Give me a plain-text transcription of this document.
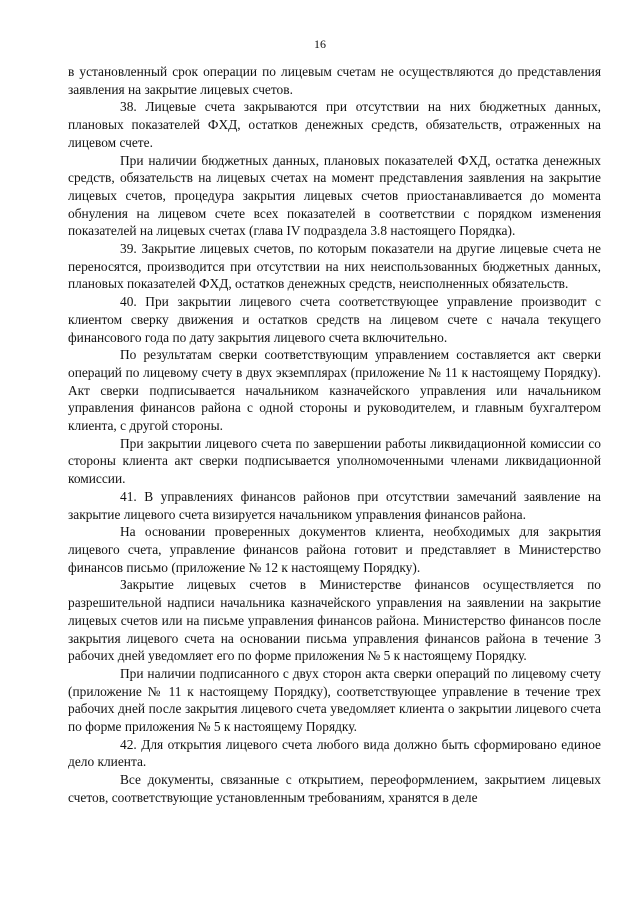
16

в установленный срок операции по лицевым счетам не осуществляются до представления заявления на закрытие лицевых счетов.

38. Лицевые счета закрываются при отсутствии на них бюджетных данных, плановых показателей ФХД, остатков денежных средств, обязательств, отраженных на лицевом счете.

При наличии бюджетных данных, плановых показателей ФХД, остатка денежных средств, обязательств на лицевых счетах на момент представления заявления на закрытие лицевых счетов, процедура закрытия лицевых счетов приостанавливается до момента обнуления на лицевом счете всех показателей в соответствии с порядком изменения показателей на лицевых счетах (глава IV подраздела 3.8 настоящего Порядка).

39. Закрытие лицевых счетов, по которым показатели на другие лицевые счета не переносятся, производится при отсутствии на них неиспользованных бюджетных данных, плановых показателей ФХД, остатков денежных средств, неисполненных обязательств.

40. При закрытии лицевого счета соответствующее управление производит с клиентом сверку движения и остатков средств на лицевом счете с начала текущего финансового года по дату закрытия лицевого счета включительно.

По результатам сверки соответствующим управлением составляется акт сверки операций по лицевому счету в двух экземплярах (приложение № 11 к настоящему Порядку). Акт сверки подписывается начальником казначейского управления или начальником управления финансов района с одной стороны и руководителем, и главным бухгалтером клиента, с другой стороны.

При закрытии лицевого счета по завершении работы ликвидационной комиссии со стороны клиента акт сверки подписывается уполномоченными членами ликвидационной комиссии.

41. В управлениях финансов районов при отсутствии замечаний заявление на закрытие лицевого счета визируется начальником управления финансов района.

На основании проверенных документов клиента, необходимых для закрытия лицевого счета, управление финансов района готовит и представляет в Министерство финансов письмо (приложение № 12 к настоящему Порядку).

Закрытие лицевых счетов в Министерстве финансов осуществляется по разрешительной надписи начальника казначейского управления на заявлении на закрытие лицевых счетов или на письме управления финансов района. Министерство финансов после закрытия лицевого счета на основании письма управления финансов района в течение 3 рабочих дней уведомляет его по форме приложения № 5 к настоящему Порядку.

При наличии подписанного с двух сторон акта сверки операций по лицевому счету (приложение № 11 к настоящему Порядку), соответствующее управление в течение трех рабочих дней после закрытия лицевого счета уведомляет клиента о закрытии лицевого счета по форме приложения № 5 к настоящему Порядку.

42. Для открытия лицевого счета любого вида должно быть сформировано единое дело клиента.

Все документы, связанные с открытием, переоформлением, закрытием лицевых счетов, соответствующие установленным требованиям, хранятся в деле
